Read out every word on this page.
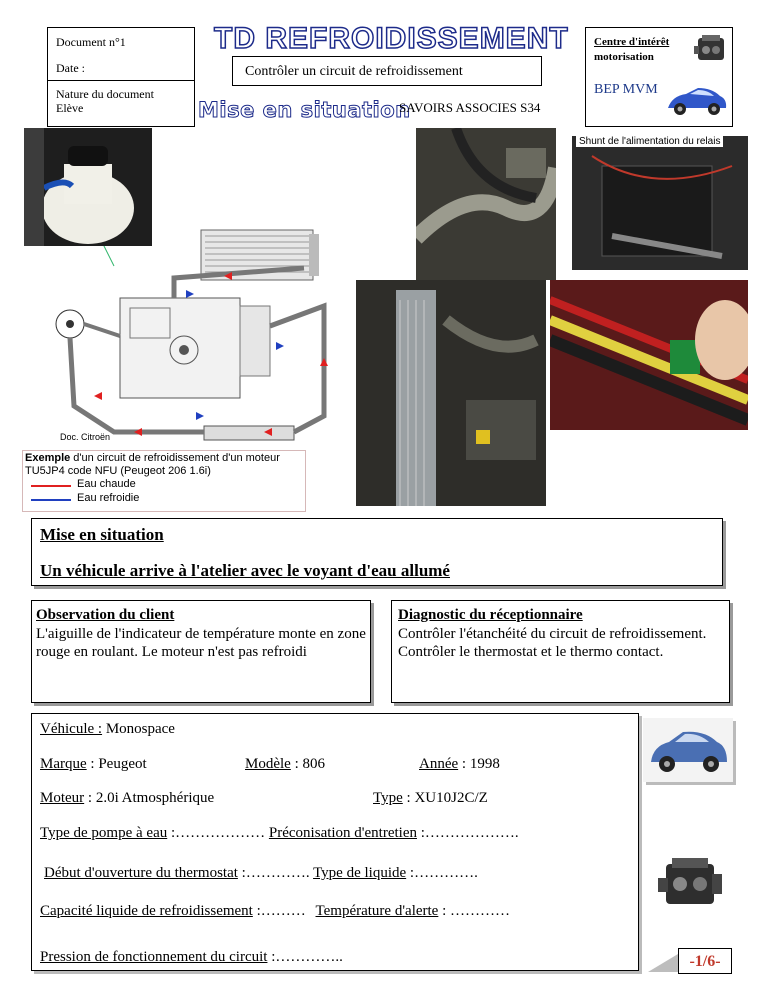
Document n°1
Date :
Nature du document
Elève
TD REFROIDISSEMENT
Contrôler un circuit de refroidissement
Mise en situation
SAVOIRS ASSOCIES S34
Centre d'intérêt
motorisation
BEP MVM
Doc. Citroën
Exemple d'un circuit de refroidissement d'un moteur
TU5JP4 code NFU (Peugeot 206 1.6i)
Eau chaude
Eau refroidie
Shunt de l'alimentation du relais
Mise en situation
Un véhicule arrive à l'atelier avec le voyant d'eau allumé
Observation du client
L'aiguille de l'indicateur de température monte en zone rouge en roulant. Le moteur n'est pas refroidi
Diagnostic du réceptionnaire
Contrôler l'étanchéité du circuit de refroidissement. Contrôler le thermostat et le thermo contact.
Véhicule : Monospace
Marque : Peugeot	Modèle : 806	Année : 1998
Moteur : 2.0i Atmosphérique	Type : XU10J2C/Z
Type de pompe à eau :……………… Préconisation d'entretien :……………….
Début d'ouverture du thermostat :…………. Type de liquide :………….
Capacité liquide de refroidissement :……… Température d'alerte : …………
Pression de fonctionnement du circuit :…………..	-1/6-
